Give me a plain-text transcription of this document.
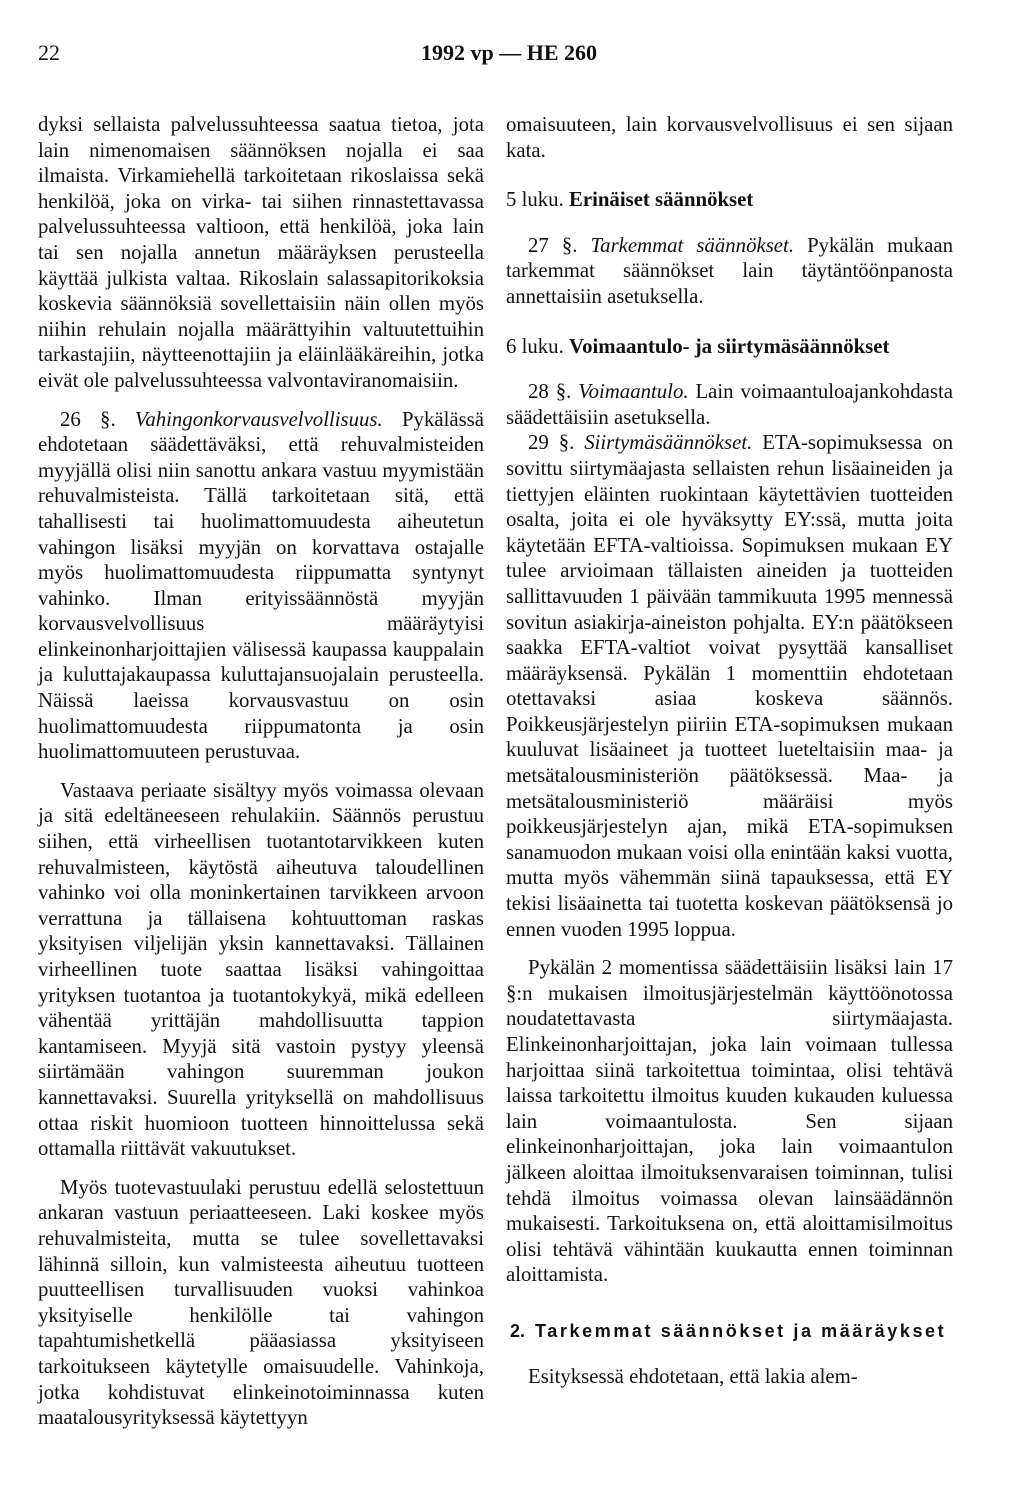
22	1992 vp — HE 260

dyksi sellaista palvelussuhteessa saatua tietoa, jota lain nimenomaisen säännöksen nojalla ei saa ilmaista. Virkamiehellä tarkoitetaan rikoslaissa sekä henkilöä, joka on virka- tai siihen rinnastettavassa palvelussuhteessa valtioon, että henkilöä, joka lain tai sen nojalla annetun määräyksen perusteella käyttää julkista valtaa. Rikoslain salassapitorikoksia koskevia säännöksiä sovellettaisiin näin ollen myös niihin rehulain nojalla määrättyihin valtuutettuihin tarkastajiin, näytteenottajiin ja eläinlääkäreihin, jotka eivät ole palvelussuhteessa valvontaviranomaisiin.

26 §. Vahingonkorvausvelvollisuus. Pykälässä ehdotetaan säädettäväksi, että rehuvalmisteiden myyjällä olisi niin sanottu ankara vastuu myymistään rehuvalmisteista. Tällä tarkoitetaan sitä, että tahallisesti tai huolimattomuudesta aiheutetun vahingon lisäksi myyjän on korvattava ostajalle myös huolimattomuudesta riippumatta syntynyt vahinko. Ilman erityissäännöstä myyjän korvausvelvollisuus määräytyisi elinkeinonharjoittajien välisessä kaupassa kauppalain ja kuluttajakaupassa kuluttajansuojalain perusteella. Näissä laeissa korvausvastuu on osin huolimattomuudesta riippumatonta ja osin huolimattomuuteen perustuvaa.

Vastaava periaate sisältyy myös voimassa olevaan ja sitä edeltäneeseen rehulakiin. Säännös perustuu siihen, että virheellisen tuotantotarvikkeen kuten rehuvalmisteen, käytöstä aiheutuva taloudellinen vahinko voi olla moninkertainen tarvikkeen arvoon verrattuna ja tällaisena kohtuuttoman raskas yksityisen viljelijän yksin kannettavaksi. Tällainen virheellinen tuote saattaa lisäksi vahingoittaa yrityksen tuotantoa ja tuotantokykyä, mikä edelleen vähentää yrittäjän mahdollisuutta tappion kantamiseen. Myyjä sitä vastoin pystyy yleensä siirtämään vahingon suuremman joukon kannettavaksi. Suurella yrityksellä on mahdollisuus ottaa riskit huomioon tuotteen hinnoittelussa sekä ottamalla riittävät vakuutukset.

Myös tuotevastuulaki perustuu edellä selostettuun ankaran vastuun periaatteeseen. Laki koskee myös rehuvalmisteita, mutta se tulee sovellettavaksi lähinnä silloin, kun valmisteesta aiheutuu tuotteen puutteellisen turvallisuuden vuoksi vahinkoa yksityiselle henkilölle tai vahingon tapahtumishetkellä pääasiassa yksityiseen tarkoitukseen käytetylle omaisuudelle. Vahinkoja, jotka kohdistuvat elinkeinotoiminnassa kuten maatalousyrityksessä käytettyyn

omaisuuteen, lain korvausvelvollisuus ei sen sijaan kata.

5 luku. Erinäiset säännökset

27 §. Tarkemmat säännökset. Pykälän mukaan tarkemmat säännökset lain täytäntöönpanosta annettaisiin asetuksella.

6 luku. Voimaantulo- ja siirtymäsäännökset

28 §. Voimaantulo. Lain voimaantuloajankohdasta säädettäisiin asetuksella.

29 §. Siirtymäsäännökset. ETA-sopimuksessa on sovittu siirtymäajasta sellaisten rehun lisäaineiden ja tiettyjen eläinten ruokintaan käytettävien tuotteiden osalta, joita ei ole hyväksytty EY:ssä, mutta joita käytetään EFTA-valtioissa. Sopimuksen mukaan EY tulee arvioimaan tällaisten aineiden ja tuotteiden sallittavuuden 1 päivään tammikuuta 1995 mennessä sovitun asiakirja-aineiston pohjalta. EY:n päätökseen saakka EFTA-valtiot voivat pysyttää kansalliset määräyksensä. Pykälän 1 momenttiin ehdotetaan otettavaksi asiaa koskeva säännös. Poikkeusjärjestelyn piiriin ETA-sopimuksen mukaan kuuluvat lisäaineet ja tuotteet lueteltaisiin maa- ja metsätalousministeriön päätöksessä. Maa- ja metsätalousministeriö määräisi myös poikkeusjärjestelyn ajan, mikä ETA-sopimuksen sanamuodon mukaan voisi olla enintään kaksi vuotta, mutta myös vähemmän siinä tapauksessa, että EY tekisi lisäainetta tai tuotetta koskevan päätöksensä jo ennen vuoden 1995 loppua.

Pykälän 2 momentissa säädettäisiin lisäksi lain 17 §:n mukaisen ilmoitusjärjestelmän käyttöönotossa noudatettavasta siirtymäajasta. Elinkeinonharjoittajan, joka lain voimaan tullessa harjoittaa siinä tarkoitettua toimintaa, olisi tehtävä laissa tarkoitettu ilmoitus kuuden kukauden kuluessa lain voimaantulosta. Sen sijaan elinkeinonharjoittajan, joka lain voimaantulon jälkeen aloittaa ilmoituksenvaraisen toiminnan, tulisi tehdä ilmoitus voimassa olevan lainsäädännön mukaisesti. Tarkoituksena on, että aloittamisilmoitus olisi tehtävä vähintään kuukautta ennen toiminnan aloittamista.

2. Tarkemmat säännökset ja määräykset

Esityksessä ehdotetaan, että lakia alem-
